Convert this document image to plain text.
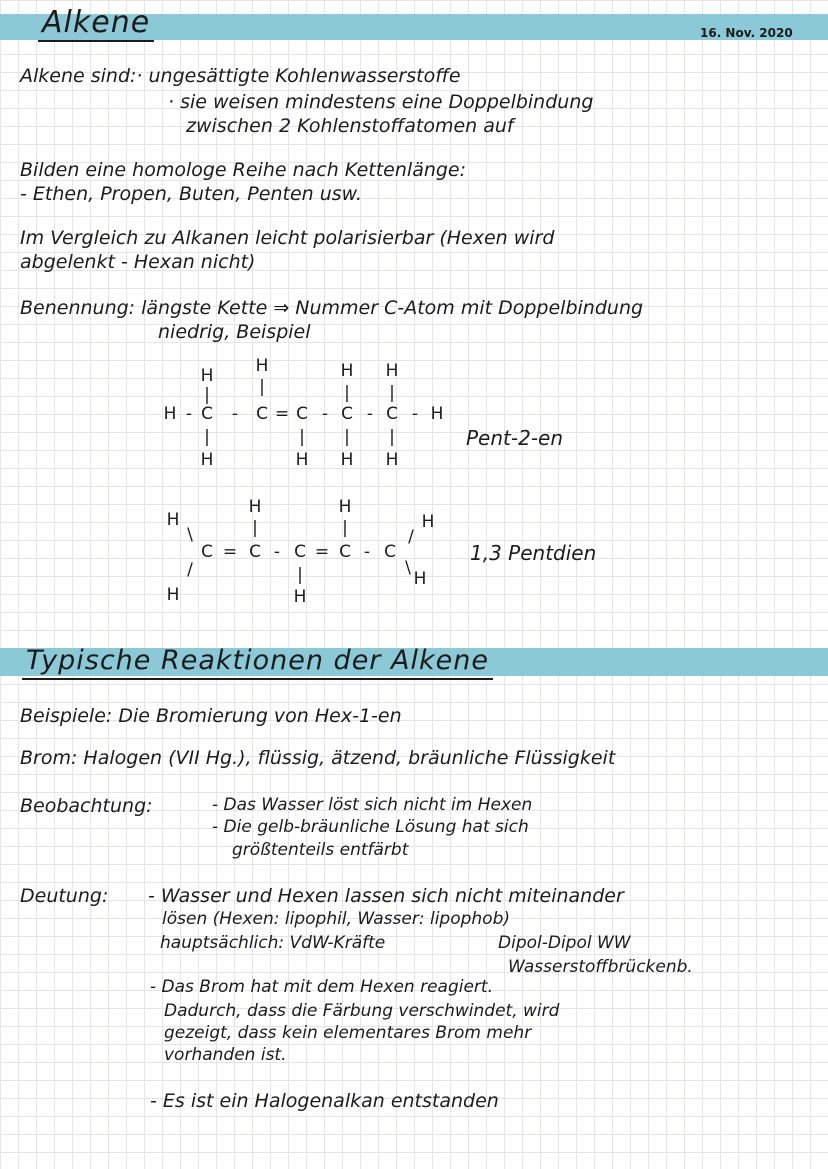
Alkene	16. Nov. 2020
Alkene sind:· ungesättigte Kohlenwasserstoffe
· sie weisen mindestens eine Doppelbindung
zwischen 2 Kohlenstoffatomen auf
Bilden eine homologe Reihe nach Kettenlänge:
- Ethen, Propen, Buten, Penten usw.
Im Vergleich zu Alkanen leicht polarisierbar (Hexen wird
abgelenkt - Hexan nicht)
Benennung: längste Kette ⇒ Nummer C-Atom mit Doppelbindung
niedrig, Beispiel
H H	H H
|	|	| |
H - C - C = C - C - C - H
|	| | |
H	H H H
Pent-2-en
H	H
H	H
|	|
\	/
C = C - C = C - C
/	\
|	H
H	H
1,3 Pentdien
Typische Reaktionen der Alkene
Beispiele: Die Bromierung von Hex-1-en
Brom: Halogen (VII Hg.), flüssig, ätzend, bräunliche Flüssigkeit
Beobachtung:	- Das Wasser löst sich nicht im Hexen
- Die gelb-bräunliche Lösung hat sich
größtenteils entfärbt
Deutung: - Wasser und Hexen lassen sich nicht miteinander
lösen (Hexen: lipophil, Wasser: lipophob)
hauptsächlich: VdW-Kräfte	Dipol-Dipol WW
Wasserstoffbrückenb.
- Das Brom hat mit dem Hexen reagiert.
Dadurch, dass die Färbung verschwindet, wird
gezeigt, dass kein elementares Brom mehr
vorhanden ist.
- Es ist ein Halogenalkan entstanden
